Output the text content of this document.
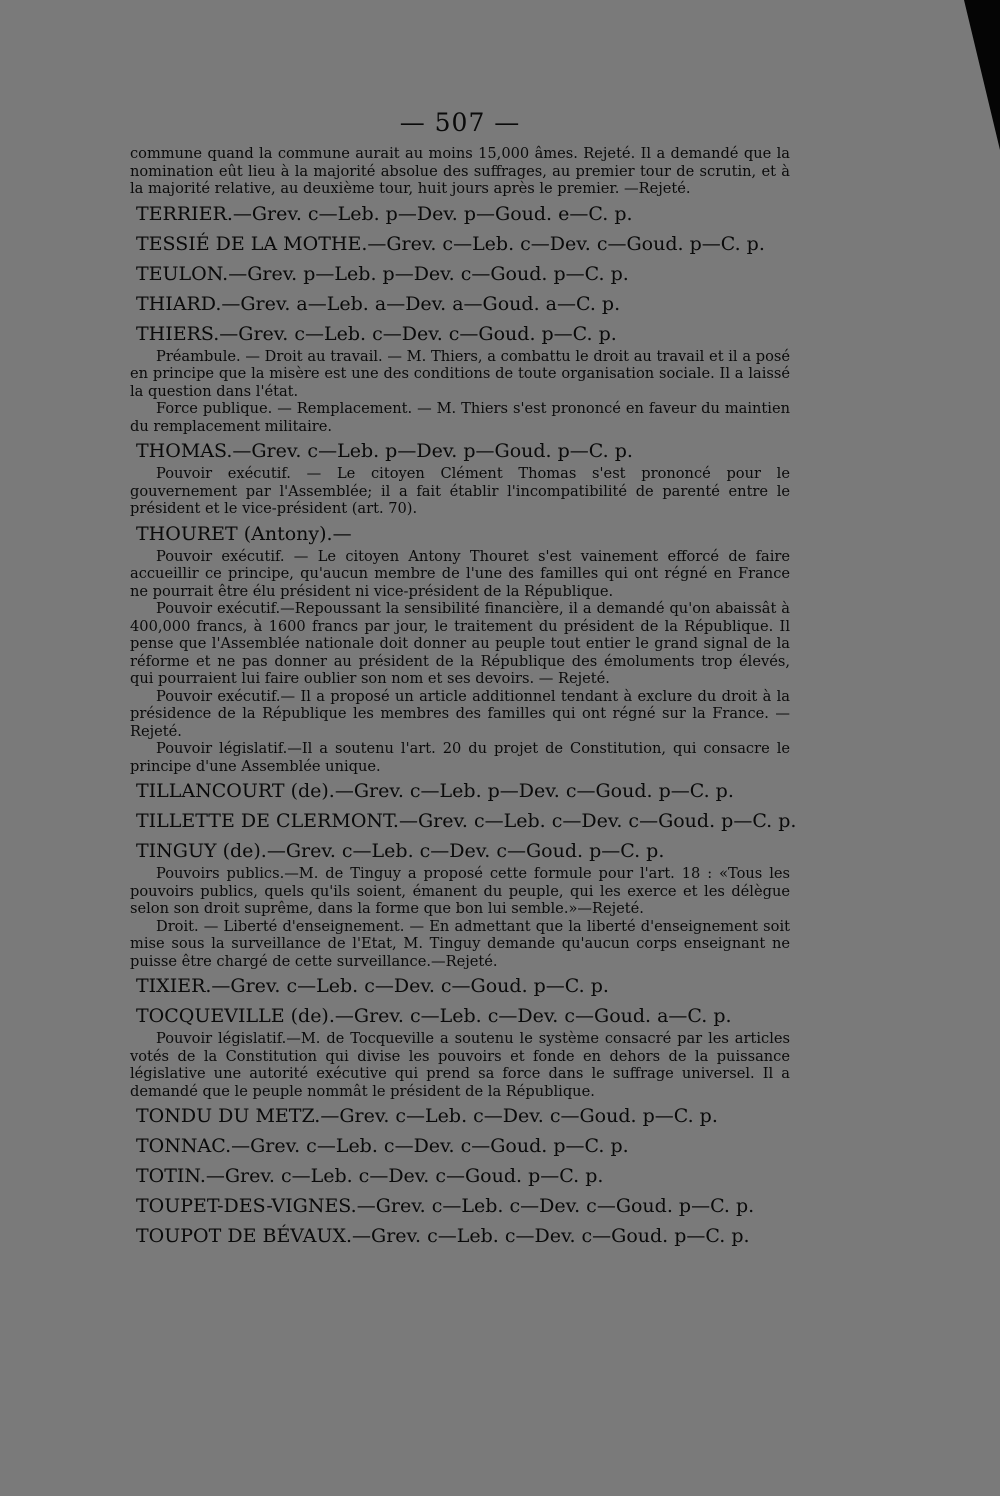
— 507 —

commune quand la commune aurait au moins 15,000 âmes. Rejeté. Il a demandé que la nomination eût lieu à la majorité absolue des suffrages, au premier tour de scrutin, et à la majorité relative, au deuxième tour, huit jours après le premier. —Rejeté.

TERRIER.—Grev. c—Leb. p—Dev. p—Goud. e—C. p.
TESSIÉ DE LA MOTHE.—Grev. c—Leb. c—Dev. c—Goud. p—C. p.
TEULON.—Grev. p—Leb. p—Dev. c—Goud. p—C. p.
THIARD.—Grev. a—Leb. a—Dev. a—Goud. a—C. p.
THIERS.—Grev. c—Leb. c—Dev. c—Goud. p—C. p.

Préambule. — Droit au travail. — M. Thiers, a combattu le droit au travail et il a posé en principe que la misère est une des conditions de toute organisation sociale. Il a laissé la question dans l'état.

Force publique. — Remplacement. — M. Thiers s'est prononcé en faveur du maintien du remplacement militaire.

THOMAS.—Grev. c—Leb. p—Dev. p—Goud. p—C. p.

Pouvoir exécutif. — Le citoyen Clément Thomas s'est prononcé pour le gouvernement par l'Assemblée; il a fait établir l'incompatibilité de parenté entre le président et le vice-président (art. 70).

THOURET (Antony).—

Pouvoir exécutif. — Le citoyen Antony Thouret s'est vainement efforcé de faire accueillir ce principe, qu'aucun membre de l'une des familles qui ont régné en France ne pourrait être élu président ni vice-président de la République.

Pouvoir exécutif.—Repoussant la sensibilité financière, il a demandé qu'on abaissât à 400,000 francs, à 1600 francs par jour, le traitement du président de la République. Il pense que l'Assemblée nationale doit donner au peuple tout entier le grand signal de la réforme et ne pas donner au président de la République des émoluments trop élevés, qui pourraient lui faire oublier son nom et ses devoirs. — Rejeté.

Pouvoir exécutif.— Il a proposé un article additionnel tendant à exclure du droit à la présidence de la République les membres des familles qui ont régné sur la France. — Rejeté.

Pouvoir législatif.—Il a soutenu l'art. 20 du projet de Constitution, qui consacre le principe d'une Assemblée unique.

TILLANCOURT (de).—Grev. c—Leb. p—Dev. c—Goud. p—C. p.
TILLETTE DE CLERMONT.—Grev. c—Leb. c—Dev. c—Goud. p—C. p.
TINGUY (de).—Grev. c—Leb. c—Dev. c—Goud. p—C. p.

Pouvoirs publics.—M. de Tinguy a proposé cette formule pour l'art. 18 : «Tous les pouvoirs publics, quels qu'ils soient, émanent du peuple, qui les exerce et les délègue selon son droit suprême, dans la forme que bon lui semble.»—Rejeté.

Droit. — Liberté d'enseignement. — En admettant que la liberté d'enseignement soit mise sous la surveillance de l'Etat, M. Tinguy demande qu'aucun corps enseignant ne puisse être chargé de cette surveillance.—Rejeté.

TIXIER.—Grev. c—Leb. c—Dev. c—Goud. p—C. p.
TOCQUEVILLE (de).—Grev. c—Leb. c—Dev. c—Goud. a—C. p.

Pouvoir législatif.—M. de Tocqueville a soutenu le système consacré par les articles votés de la Constitution qui divise les pouvoirs et fonde en dehors de la puissance législative une autorité exécutive qui prend sa force dans le suffrage universel. Il a demandé que le peuple nommât le président de la République.

TONDU DU METZ.—Grev. c—Leb. c—Dev. c—Goud. p—C. p.
TONNAC.—Grev. c—Leb. c—Dev. c—Goud. p—C. p.
TOTIN.—Grev. c—Leb. c—Dev. c—Goud. p—C. p.
TOUPET-DES-VIGNES.—Grev. c—Leb. c—Dev. c—Goud. p—C. p.
TOUPOT DE BÉVAUX.—Grev. c—Leb. c—Dev. c—Goud. p—C. p.
